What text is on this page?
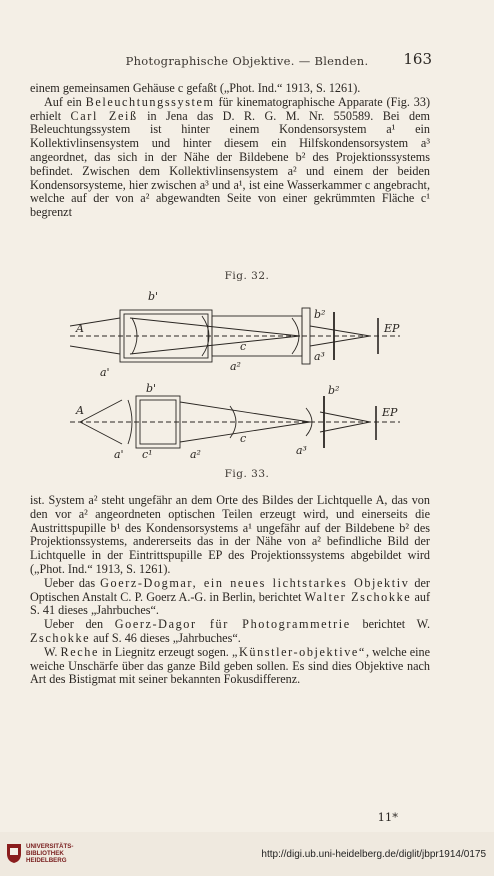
Photographische Objektive. — Blenden.	163

einem gemeinsamen Gehäuse c gefaßt („Phot. Ind.“ 1913, S. 1261).

Auf ein Beleuchtungssystem für kinematographische Apparate (Fig. 33) erhielt Carl Zeiß in Jena das D. R. G. M. Nr. 550589. Bei dem Beleuchtungssystem ist hinter einem Kondensorsystem a¹ ein Kollektivlinsensystem und hinter diesem ein Hilfskondensorsystem a³ angeordnet, das sich in der Nähe der Bildebene b² des Projektionssystems befindet. Zwischen dem Kollektivlinsensystem a² und einem der beiden Kondensorsysteme, hier zwischen a³ und a¹, ist eine Wasserkammer c angebracht, welche auf der von a² abgewandten Seite von einer gekrümmten Fläche c¹ begrenzt

Fig. 32.
b'
A
a'	a²
a³
b²
c
EP
b'
A
a' c¹	a²
c
a³
b²
EP
Fig. 33.

ist. System a² steht ungefähr an dem Orte des Bildes der Lichtquelle A, das von den vor a² angeordneten optischen Teilen erzeugt wird, und einerseits die Austrittspupille b¹ des Kondensorsystems a¹ ungefähr auf der Bildebene b² des Projektionssystems, andererseits das in der Nähe von a² befindliche Bild der Lichtquelle in der Eintrittspupille EP des Projektionssystems abgebildet wird („Phot. Ind.“ 1913, S. 1261).

Ueber das Goerz-Dogmar, ein neues lichtstarkes Objektiv der Optischen Anstalt C. P. Goerz A.-G. in Berlin, berichtet Walter Zschokke auf S. 41 dieses „Jahrbuches“.

Ueber den Goerz-Dagor für Photogrammetrie berichtet W. Zschokke auf S. 46 dieses „Jahrbuches“.

W. Reche in Liegnitz erzeugt sogen. „Künstler-objektive“, welche eine weiche Unschärfe über das ganze Bild geben sollen. Es sind dies Objektive nach Art des Bistigmat mit seiner bekannten Fokusdifferenz.

11*
UNIVERSITÄTS-
BIBLIOTHEK
HEIDELBERG
http://digi.ub.uni-heidelberg.de/diglit/jbpr1914/0175
